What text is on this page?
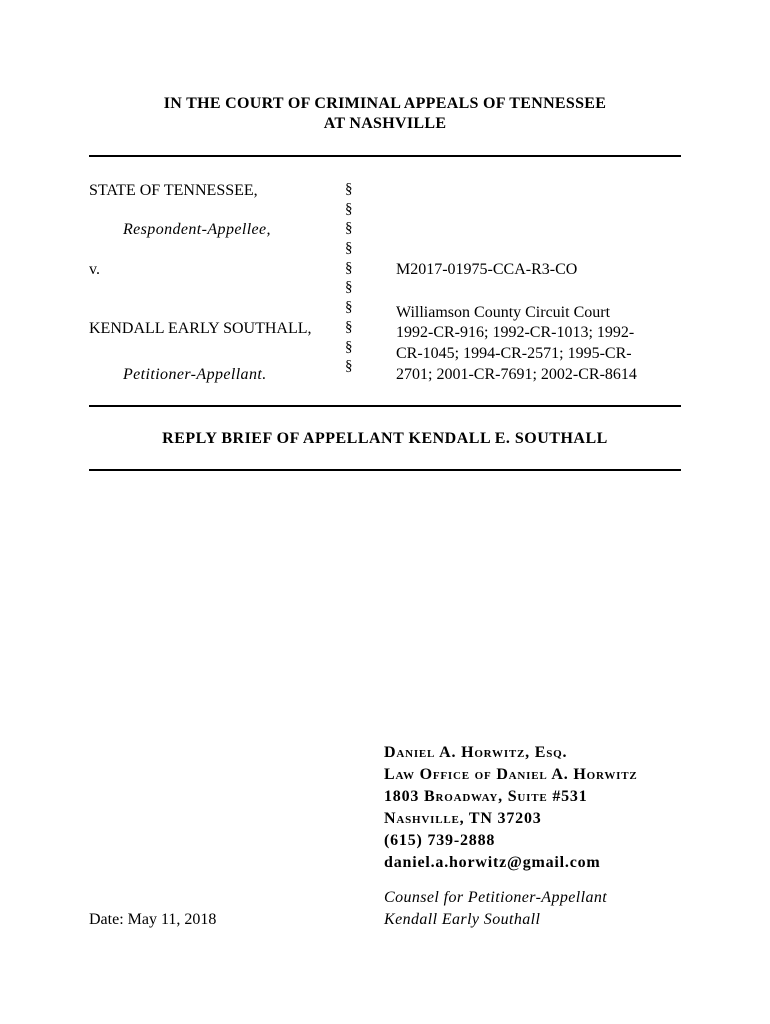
IN THE COURT OF CRIMINAL APPEALS OF TENNESSEE
AT NASHVILLE
STATE OF TENNESSEE,
Respondent-Appellee,
v.
KENDALL EARLY SOUTHALL,
Petitioner-Appellant.
§
§
§
§
§
§
§
§
§
§
M2017-01975-CCA-R3-CO
Williamson County Circuit Court
1992-CR-916; 1992-CR-1013; 1992-
CR-1045; 1994-CR-2571; 1995-CR-
2701; 2001-CR-7691; 2002-CR-8614
REPLY BRIEF OF APPELLANT KENDALL E. SOUTHALL
Daniel A. Horwitz, Esq.
Law Office of Daniel A. Horwitz
1803 Broadway, Suite #531
Nashville, TN 37203
(615) 739-2888
daniel.a.horwitz@gmail.com
Counsel for Petitioner-Appellant
Kendall Early Southall
Date: May 11, 2018
